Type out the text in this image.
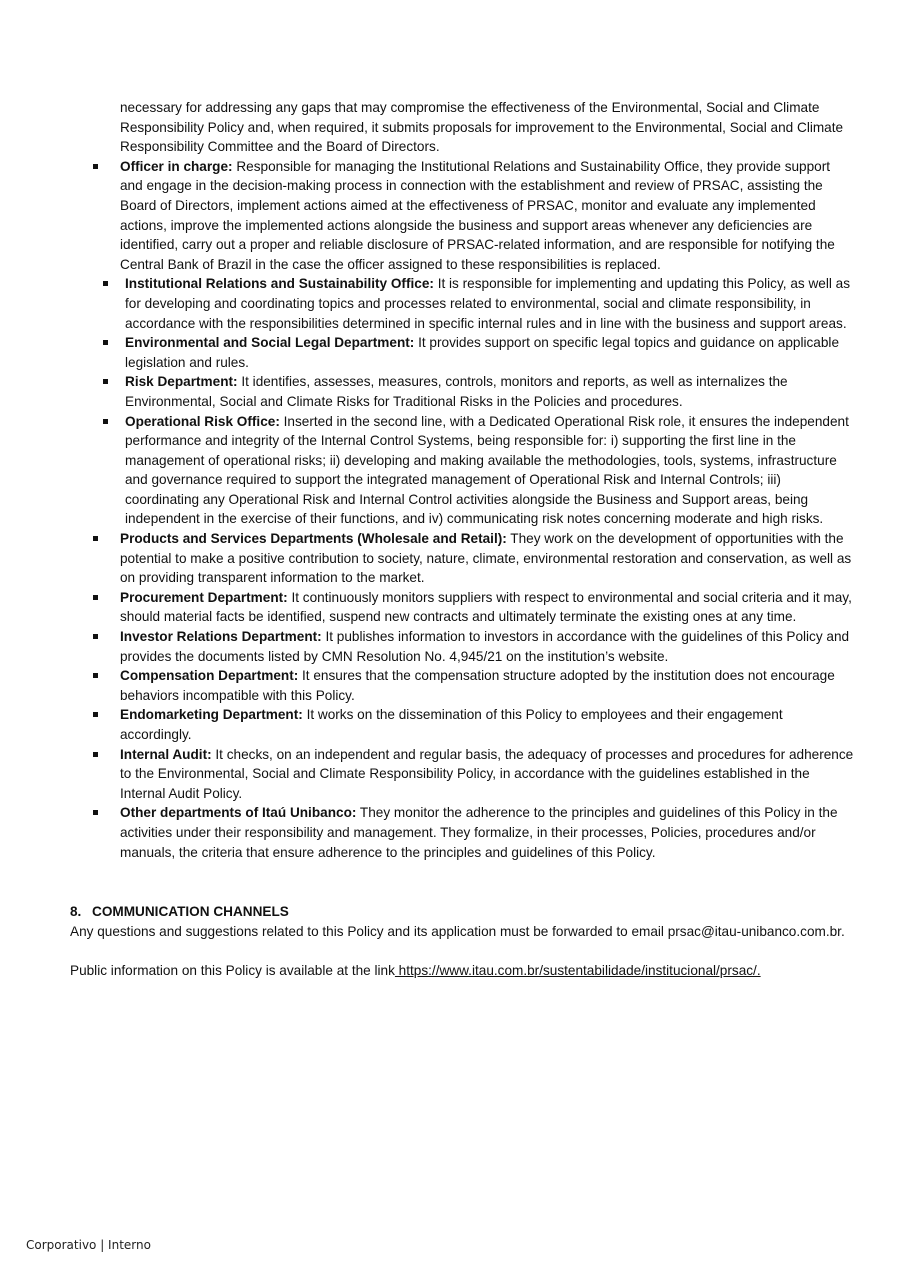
necessary for addressing any gaps that may compromise the effectiveness of the Environmental, Social and Climate Responsibility Policy and, when required, it submits proposals for improvement to the Environmental, Social and Climate Responsibility Committee and the Board of Directors.

Officer in charge: Responsible for managing the Institutional Relations and Sustainability Office, they provide support and engage in the decision-making process in connection with the establishment and review of PRSAC, assisting the Board of Directors, implement actions aimed at the effectiveness of PRSAC, monitor and evaluate any implemented actions, improve the implemented actions alongside the business and support areas whenever any deficiencies are identified, carry out a proper and reliable disclosure of PRSAC-related information, and are responsible for notifying the Central Bank of Brazil in the case the officer assigned to these responsibilities is replaced.
Institutional Relations and Sustainability Office: It is responsible for implementing and updating this Policy, as well as for developing and coordinating topics and processes related to environmental, social and climate responsibility, in accordance with the responsibilities determined in specific internal rules and in line with the business and support areas.
Environmental and Social Legal Department: It provides support on specific legal topics and guidance on applicable legislation and rules.
Risk Department: It identifies, assesses, measures, controls, monitors and reports, as well as internalizes the Environmental, Social and Climate Risks for Traditional Risks in the Policies and procedures.
Operational Risk Office: Inserted in the second line, with a Dedicated Operational Risk role, it ensures the independent performance and integrity of the Internal Control Systems, being responsible for: i) supporting the first line in the management of operational risks; ii) developing and making available the methodologies, tools, systems, infrastructure and governance required to support the integrated management of Operational Risk and Internal Controls; iii) coordinating any Operational Risk and Internal Control activities alongside the Business and Support areas, being independent in the exercise of their functions, and iv) communicating risk notes concerning moderate and high risks.
Products and Services Departments (Wholesale and Retail): They work on the development of opportunities with the potential to make a positive contribution to society, nature, climate, environmental restoration and conservation, as well as on providing transparent information to the market.
Procurement Department: It continuously monitors suppliers with respect to environmental and social criteria and it may, should material facts be identified, suspend new contracts and ultimately terminate the existing ones at any time.
Investor Relations Department: It publishes information to investors in accordance with the guidelines of this Policy and provides the documents listed by CMN Resolution No. 4,945/21 on the institution’s website.
Compensation Department: It ensures that the compensation structure adopted by the institution does not encourage behaviors incompatible with this Policy.
Endomarketing Department: It works on the dissemination of this Policy to employees and their engagement accordingly.
Internal Audit: It checks, on an independent and regular basis, the adequacy of processes and procedures for adherence to the Environmental, Social and Climate Responsibility Policy, in accordance with the guidelines established in the Internal Audit Policy.
Other departments of Itaú Unibanco: They monitor the adherence to the principles and guidelines of this Policy in the activities under their responsibility and management. They formalize, in their processes, Policies, procedures and/or manuals, the criteria that ensure adherence to the principles and guidelines of this Policy.
8. COMMUNICATION CHANNELS
Any questions and suggestions related to this Policy and its application must be forwarded to email prsac@itau-unibanco.com.br.
Public information on this Policy is available at the link https://www.itau.com.br/sustentabilidade/institucional/prsac/.
Corporativo | Interno
